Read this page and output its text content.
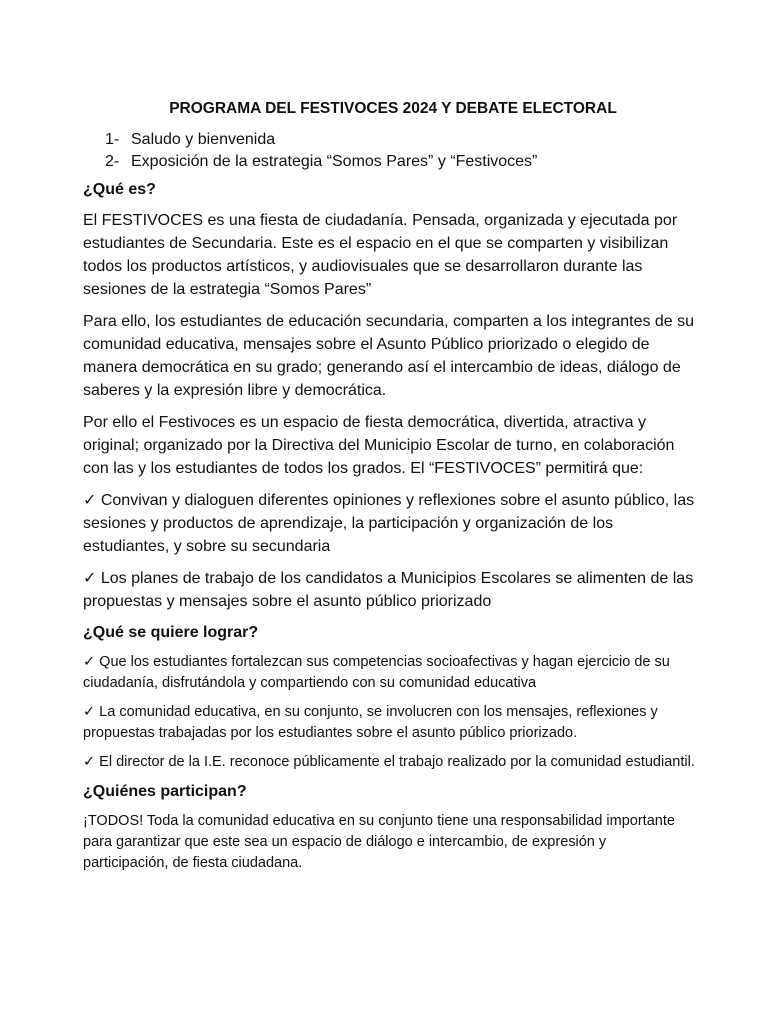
PROGRAMA DEL FESTIVOCES 2024 Y DEBATE ELECTORAL
1- Saludo y bienvenida
2- Exposición de la estrategia “Somos Pares” y “Festivoces”
¿Qué es?

El FESTIVOCES es una fiesta de ciudadanía. Pensada, organizada y ejecutada por estudiantes de Secundaria. Este es el espacio en el que se comparten y visibilizan todos los productos artísticos, y audiovisuales que se desarrollaron durante las sesiones de la estrategia “Somos Pares”

Para ello, los estudiantes de educación secundaria, comparten a los integrantes de su comunidad educativa, mensajes sobre el Asunto Público priorizado o elegido de manera democrática en su grado; generando así el intercambio de ideas, diálogo de saberes y la expresión libre y democrática.

Por ello el Festivoces es un espacio de fiesta democrática, divertida, atractiva y original; organizado por la Directiva del Municipio Escolar de turno, en colaboración con las y los estudiantes de todos los grados. El “FESTIVOCES” permitirá que:

✓ Convivan y dialoguen diferentes opiniones y reflexiones sobre el asunto público, las sesiones y productos de aprendizaje, la participación y organización de los estudiantes, y sobre su secundaria

✓ Los planes de trabajo de los candidatos a Municipios Escolares se alimenten de las propuestas y mensajes sobre el asunto público priorizado

¿Qué se quiere lograr?

✓ Que los estudiantes fortalezcan sus competencias socioafectivas y hagan ejercicio de su ciudadanía, disfrutándola y compartiendo con su comunidad educativa

✓ La comunidad educativa, en su conjunto, se involucren con los mensajes, reflexiones y propuestas trabajadas por los estudiantes sobre el asunto público priorizado.

✓ El director de la I.E. reconoce públicamente el trabajo realizado por la comunidad estudiantil.

¿Quiénes participan?

¡TODOS! Toda la comunidad educativa en su conjunto tiene una responsabilidad importante para garantizar que este sea un espacio de diálogo e intercambio, de expresión y participación, de fiesta ciudadana.
